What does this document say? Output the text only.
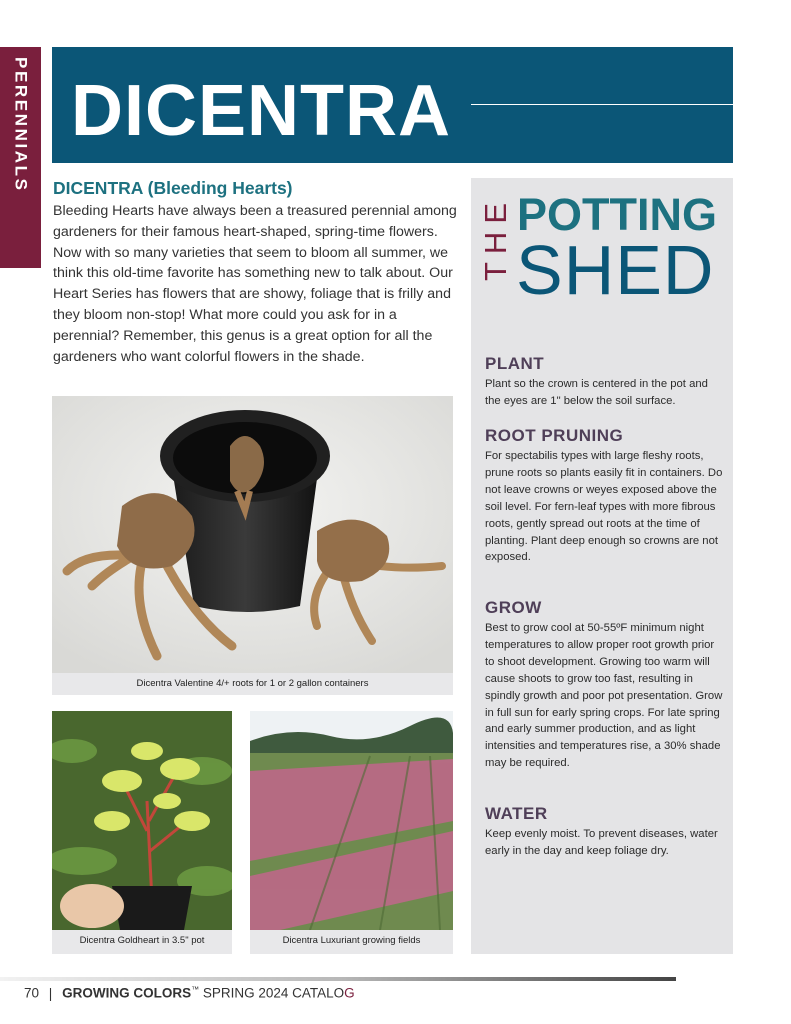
PERENNIALS DICENTRA
DICENTRA (Bleeding Hearts)

Bleeding Hearts have always been a treasured perennial among gardeners for their famous heart-shaped, spring-time flowers. Now with so many varieties that seem to bloom all summer, we think this old-time favorite has something new to talk about. Our Heart Series has flowers that are showy, foliage that is frilly and they bloom non-stop! What more could you ask for in a perennial? Remember, this genus is a great option for all the gardeners who want colorful flowers in the shade.

Dicentra Valentine 4/+ roots for 1 or 2 gallon containers
Dicentra Goldheart in 3.5" pot	Dicentra Luxuriant growing fields
THE POTTING
SHED
PLANT

Plant so the crown is centered in the pot and the eyes are 1" below the soil surface.

ROOT PRUNING

For spectabilis types with large fleshy roots, prune roots so plants easily fit in containers. Do not leave crowns or weyes exposed above the soil level. For fern-leaf types with more fibrous roots, gently spread out roots at the time of planting. Plant deep enough so crowns are not exposed.

GROW

Best to grow cool at 50-55ºF minimum night temperatures to allow proper root growth prior to shoot development. Growing too warm will cause shoots to grow too fast, resulting in spindly growth and poor pot presentation. Grow in full sun for early spring crops. For late spring and early summer production, and as light intensities and temperatures rise, a 30% shade may be required.

WATER

Keep evenly moist. To prevent diseases, water early in the day and keep foliage dry.

70 | GROWING COLORS™ SPRING 2024 CATALOG
